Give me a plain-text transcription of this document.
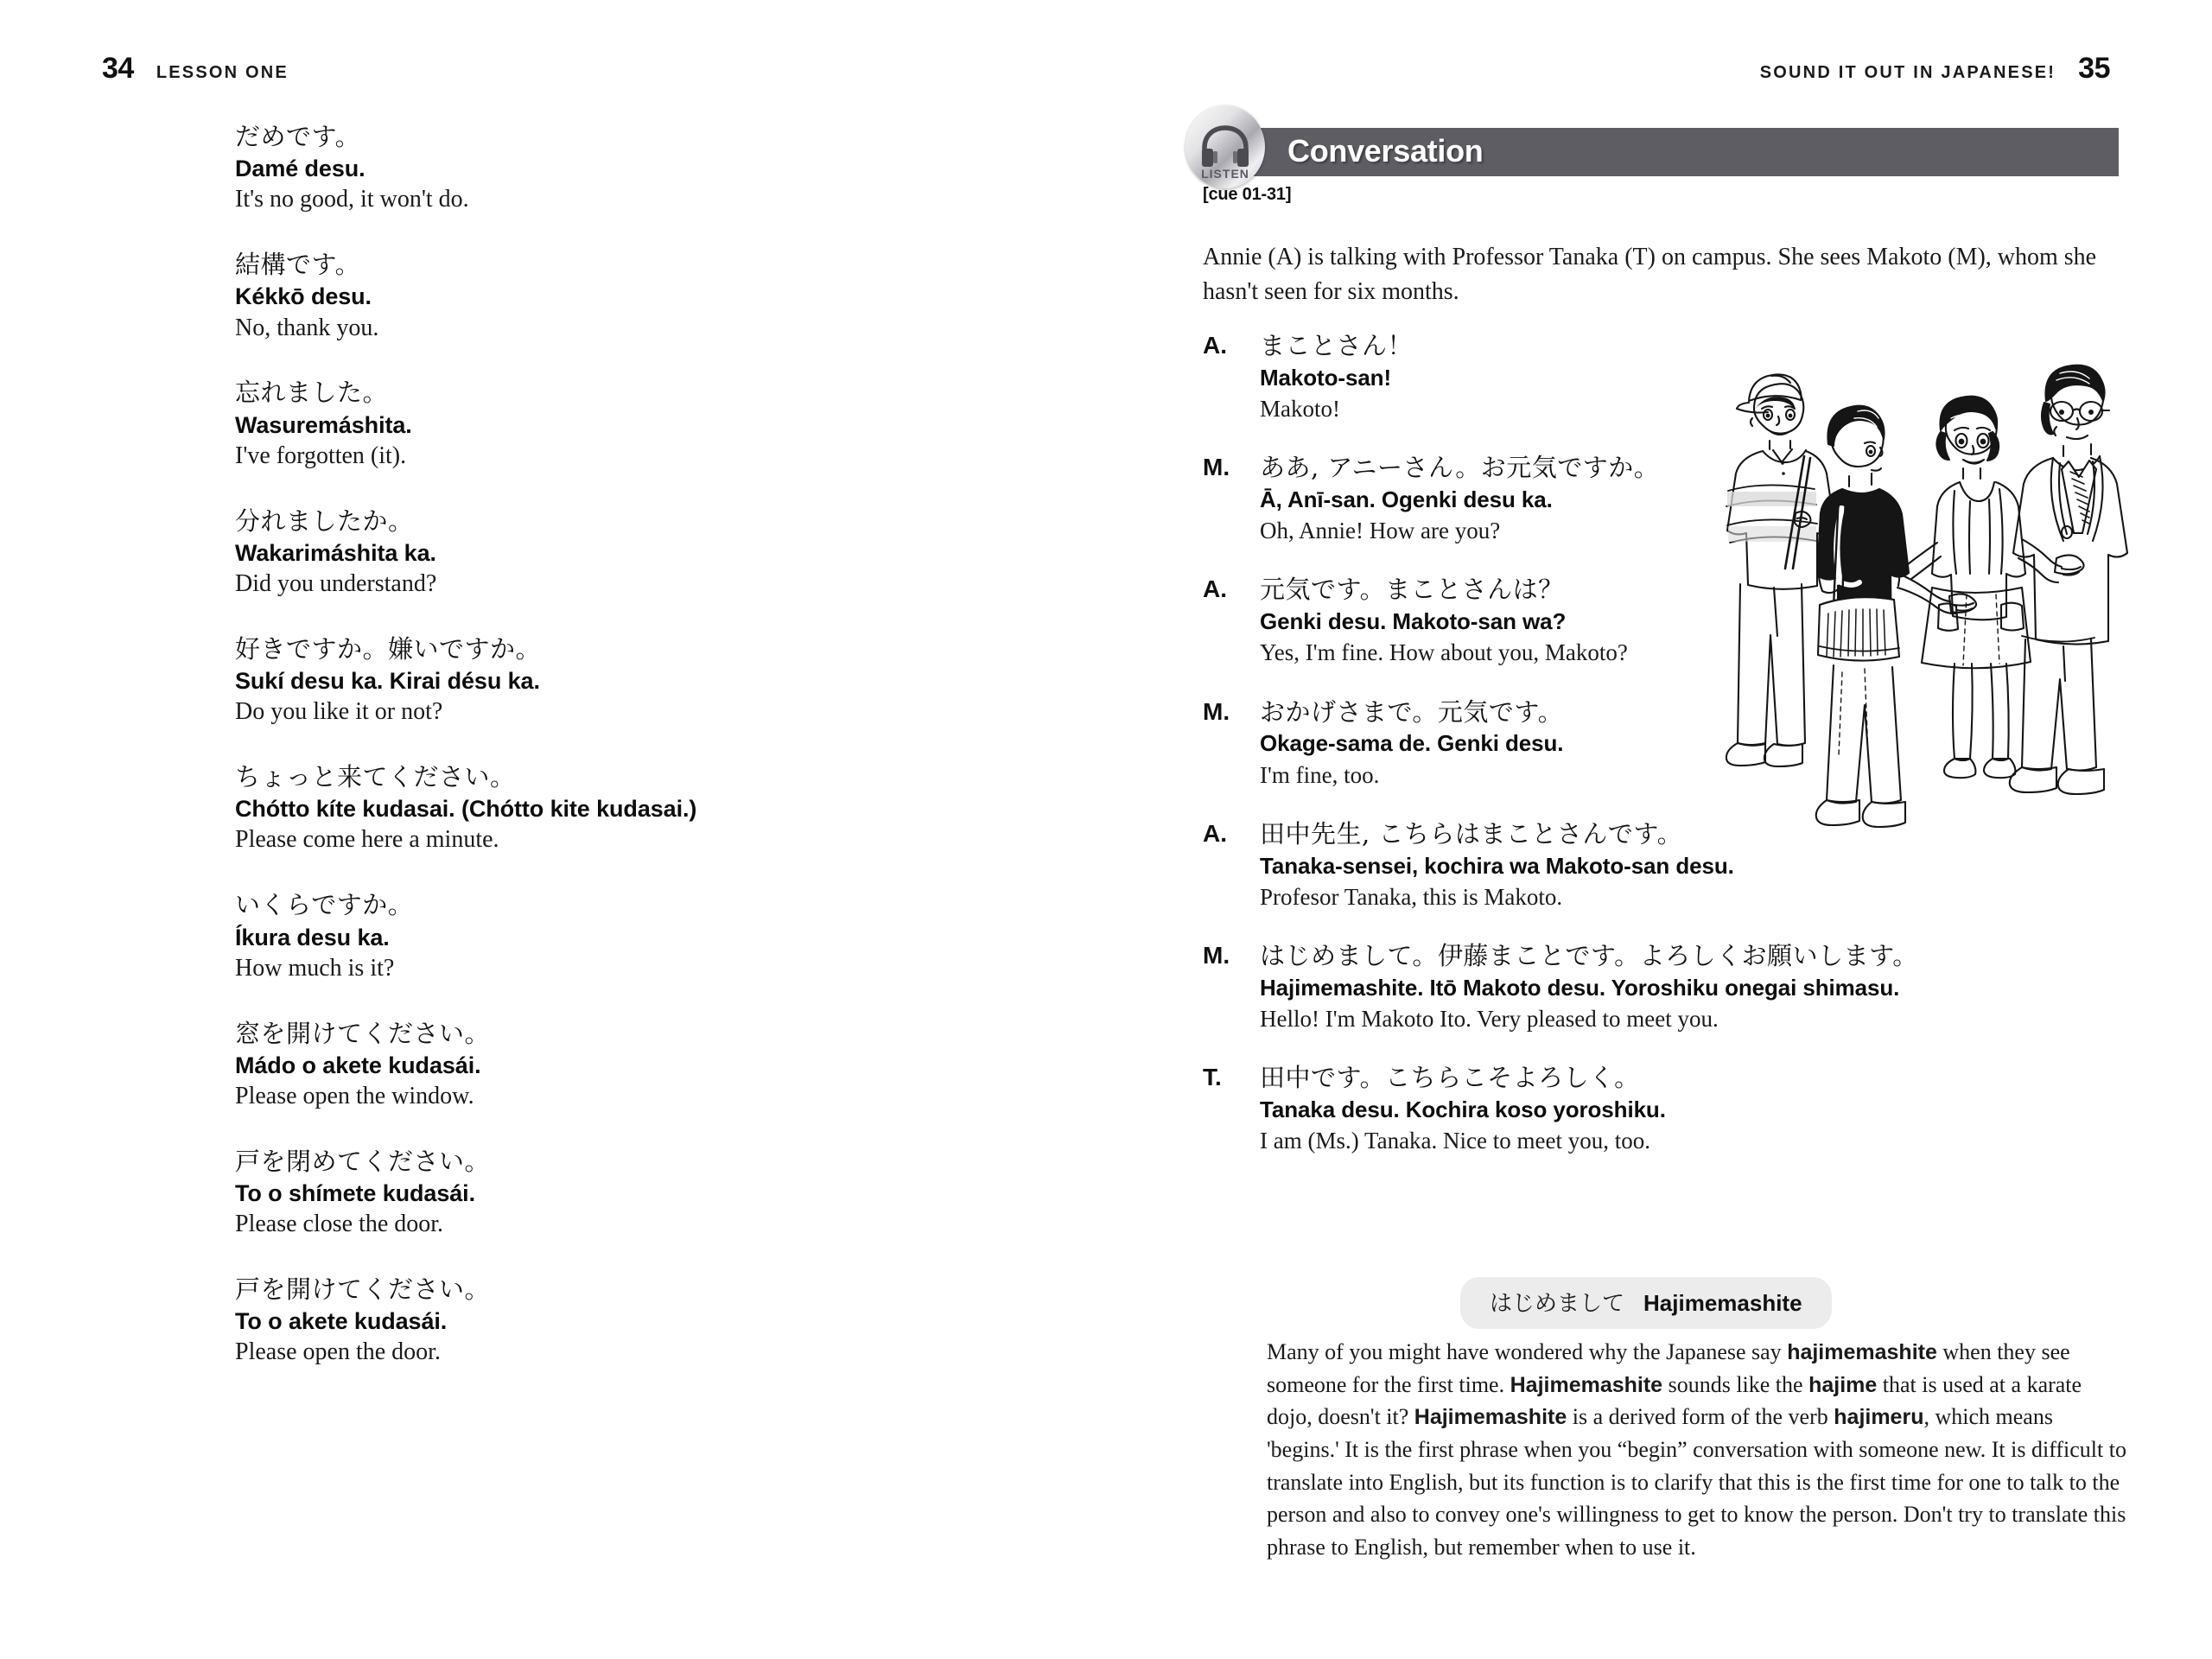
34 LESSON ONE
だめです。
Damé desu.
It's no good, it won't do.
結構です。
Kékkō desu.
No, thank you.
忘れました。
Wasuremáshita.
I've forgotten (it).
分れましたか。
Wakarimáshita ka.
Did you understand?
好きですか。嫌いですか。
Sukí desu ka. Kirai désu ka.
Do you like it or not?
ちょっと来てください。
Chótto kíte kudasai. (Chótto kite kudasai.)
Please come here a minute.
いくらですか。
Íkura desu ka.
How much is it?
窓を開けてください。
Mádo o akete kudasái.
Please open the window.
戸を閉めてください。
To o shímete kudasái.
Please close the door.
戸を開けてください。
To o akete kudasái.
Please open the door.
SOUND IT OUT IN JAPANESE! 35
Conversation
LISTEN
[cue 01-31]
Annie (A) is talking with Professor Tanaka (T) on campus. She sees Makoto (M), whom she hasn't seen for six months.
A.	まことさん！
Makoto-san!
Makoto!
M.	ああ, アニーさん。お元気ですか。
Ā, Anī-san. Ogenki desu ka.
Oh, Annie! How are you?
A.	元気です。まことさんは？
Genki desu. Makoto-san wa?
Yes, I'm fine. How about you, Makoto?
M.	おかげさまで。元気です。
Okage-sama de. Genki desu.
I'm fine, too.
A.	田中先生, こちらはまことさんです。
Tanaka-sensei, kochira wa Makoto-san desu.
Profesor Tanaka, this is Makoto.
M.	はじめまして。伊藤まことです。よろしくお願いします。
Hajimemashite. Itō Makoto desu. Yoroshiku onegai shimasu.
Hello! I'm Makoto Ito. Very pleased to meet you.
T.	田中です。こちらこそよろしく。
Tanaka desu. Kochira koso yoroshiku.
I am (Ms.) Tanaka. Nice to meet you, too.
はじめまして Hajimemashite
Many of you might have wondered why the Japanese say hajimemashite when they see someone for the first time. Hajimemashite sounds like the hajime that is used at a karate dojo, doesn't it? Hajimemashite is a derived form of the verb hajimeru, which means 'begins.' It is the first phrase when you “begin” conversation with someone new. It is difficult to translate into English, but its function is to clarify that this is the first time for one to talk to the person and also to convey one's willingness to get to know the person. Don't try to translate this phrase to English, but remember when to use it.
